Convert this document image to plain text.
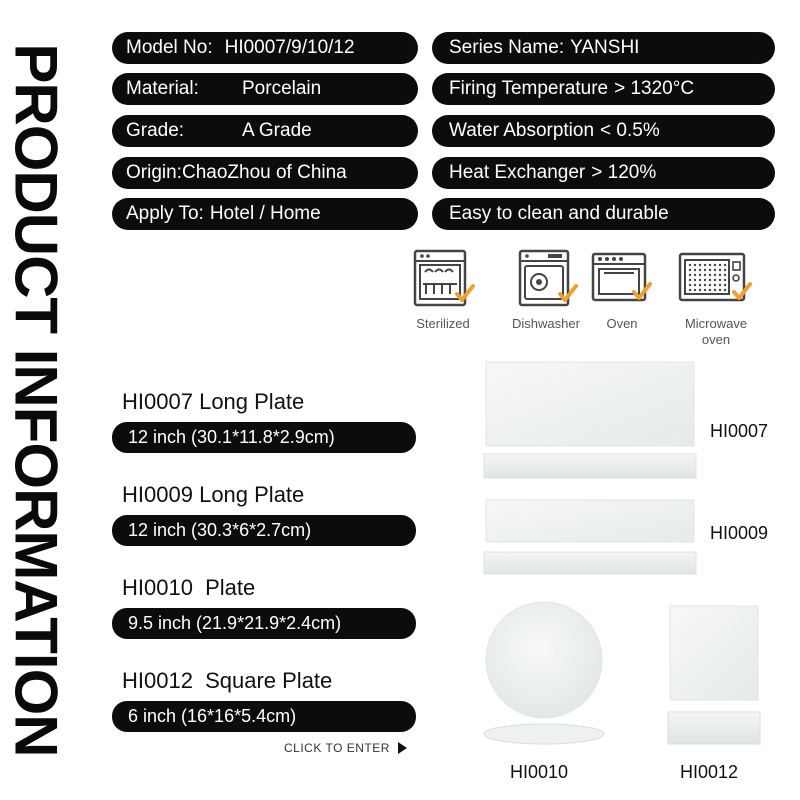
PRODUCT INFORMATION	Model No: HI0007/9/10/12
Material:	Porcelain
Grade:	A Grade
Origin: ChaoZhou of China
Apply To: Hotel / Home
Series Name: YANSHI
Firing Temperature > 1320°C
Water Absorption < 0.5%
Heat Exchanger > 120%
Easy to clean and durable
Sterilized	Dishwasher	Oven	Microwave oven
HI0007 Long Plate
12 inch (30.1*11.8*2.9cm)
HI0009 Long Plate
12 inch (30.3*6*2.7cm)
HI0010 Plate
9.5 inch (21.9*21.9*2.4cm)
HI0012 Square Plate
6 inch (16*16*5.4cm)
CLICK TO ENTER
HI0007
HI0009
HI0010	HI0012
